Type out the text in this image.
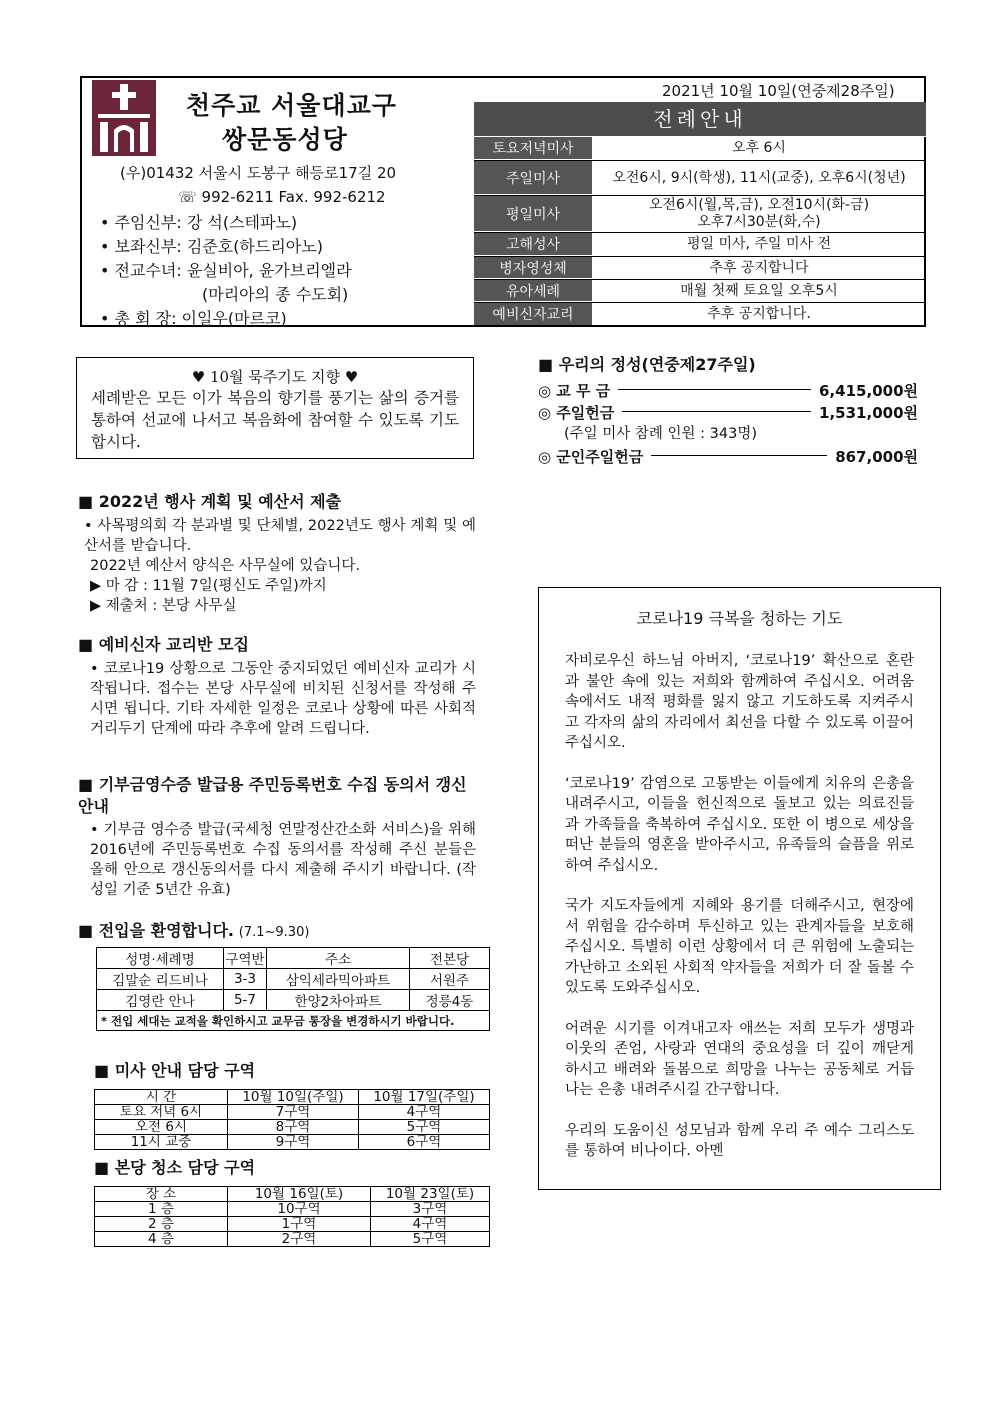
천주교 서울대교구
쌍문동성당
(우)01432 서울시 도봉구 해등로17길 20
☏ 992-6211 Fax. 992-6212
• 주임신부: 강 석(스테파노)
• 보좌신부: 김준호(하드리아노)
• 전교수녀: 윤실비아, 윤가브리엘라
(마리아의 종 수도회)
• 총 회 장: 이일우(마르코)
2021년 10월 10일(연중제28주일)
전례안내
토요저녁미사	오후 6시
주일미사	오전6시, 9시(학생), 11시(교중), 오후6시(청년)
평일미사
오전6시(월,목,금), 오전10시(화-금)
오후7시30분(화,수)
고해성사	평일 미사, 주일 미사 전
병자영성체	추후 공지합니다
유아세례	매월 첫째 토요일 오후5시
예비신자교리	추후 공지합니다.
♥ 10월 묵주기도 지향 ♥
세례받은 모든 이가 복음의 향기를 풍기는 삶의 증거를 통하여 선교에 나서고 복음화에 참여할 수 있도록 기도합시다.
■ 우리의 정성(연중제27주일)
◎ 교 무 금	6,415,000원
◎ 주일헌금	1,531,000원
(주일 미사 참례 인원 : 343명)
◎ 군인주일헌금	867,000원
■ 2022년 행사 계획 및 예산서 제출
• 사목평의회 각 분과별 및 단체별, 2022년도 행사 계획 및 예산서를 받습니다.
2022년 예산서 양식은 사무실에 있습니다.
▶ 마 감 : 11월 7일(평신도 주일)까지
▶ 제출처 : 본당 사무실
■ 예비신자 교리반 모집
• 코로나19 상황으로 그동안 중지되었던 예비신자 교리가 시작됩니다. 접수는 본당 사무실에 비치된 신청서를 작성해 주시면 됩니다. 기타 자세한 일정은 코로나 상황에 따른 사회적 거리두기 단계에 따라 추후에 알려 드립니다.
■ 기부금영수증 발급용 주민등록번호 수집 동의서 갱신 안내
• 기부금 영수증 발급(국세청 연말정산간소화 서비스)을 위해 2016년에 주민등록번호 수집 동의서를 작성해 주신 분들은 올해 안으로 갱신동의서를 다시 제출해 주시기 바랍니다. (작성일 기준 5년간 유효)
■ 전입을 환영합니다. (7.1~9.30)
성명·세례명	구역반	주소	전본당
김말순 리드비나	3-3	삼익세라믹아파트	서원주
김영란 안나	5-7	한양2차아파트	정릉4동
* 전입 세대는 교적을 확인하시고 교무금 통장을 변경하시기 바랍니다.			
■ 미사 안내 담당 구역
시 간	10월 10일(주일)	10월 17일(주일)
토요 저녁 6시	7구역	4구역
오전 6시	8구역	5구역
11시 교중	9구역	6구역
■ 본당 청소 담당 구역
장 소	10월 16일(토)	10월 23일(토)
1 층	10구역	3구역
2 층	1구역	4구역
4 층	2구역	5구역
코로나19 극복을 청하는 기도

자비로우신 하느님 아버지, ‘코로나19’ 확산으로 혼란과 불안 속에 있는 저희와 함께하여 주십시오. 어려움 속에서도 내적 평화를 잃지 않고 기도하도록 지켜주시고 각자의 삶의 자리에서 최선을 다할 수 있도록 이끌어주십시오.

‘코로나19’ 감염으로 고통받는 이들에게 치유의 은총을 내려주시고, 이들을 헌신적으로 돌보고 있는 의료진들과 가족들을 축복하여 주십시오. 또한 이 병으로 세상을 떠난 분들의 영혼을 받아주시고, 유족들의 슬픔을 위로하여 주십시오.

국가 지도자들에게 지혜와 용기를 더해주시고, 현장에서 위험을 감수하며 투신하고 있는 관계자들을 보호해주십시오. 특별히 이런 상황에서 더 큰 위험에 노출되는 가난하고 소외된 사회적 약자들을 저희가 더 잘 돌볼 수 있도록 도와주십시오.

어려운 시기를 이겨내고자 애쓰는 저희 모두가 생명과 이웃의 존엄, 사랑과 연대의 중요성을 더 깊이 깨닫게 하시고 배려와 돌봄으로 희망을 나누는 공동체로 거듭나는 은총 내려주시길 간구합니다.

우리의 도움이신 성모님과 함께 우리 주 예수 그리스도를 통하여 비나이다. 아멘
